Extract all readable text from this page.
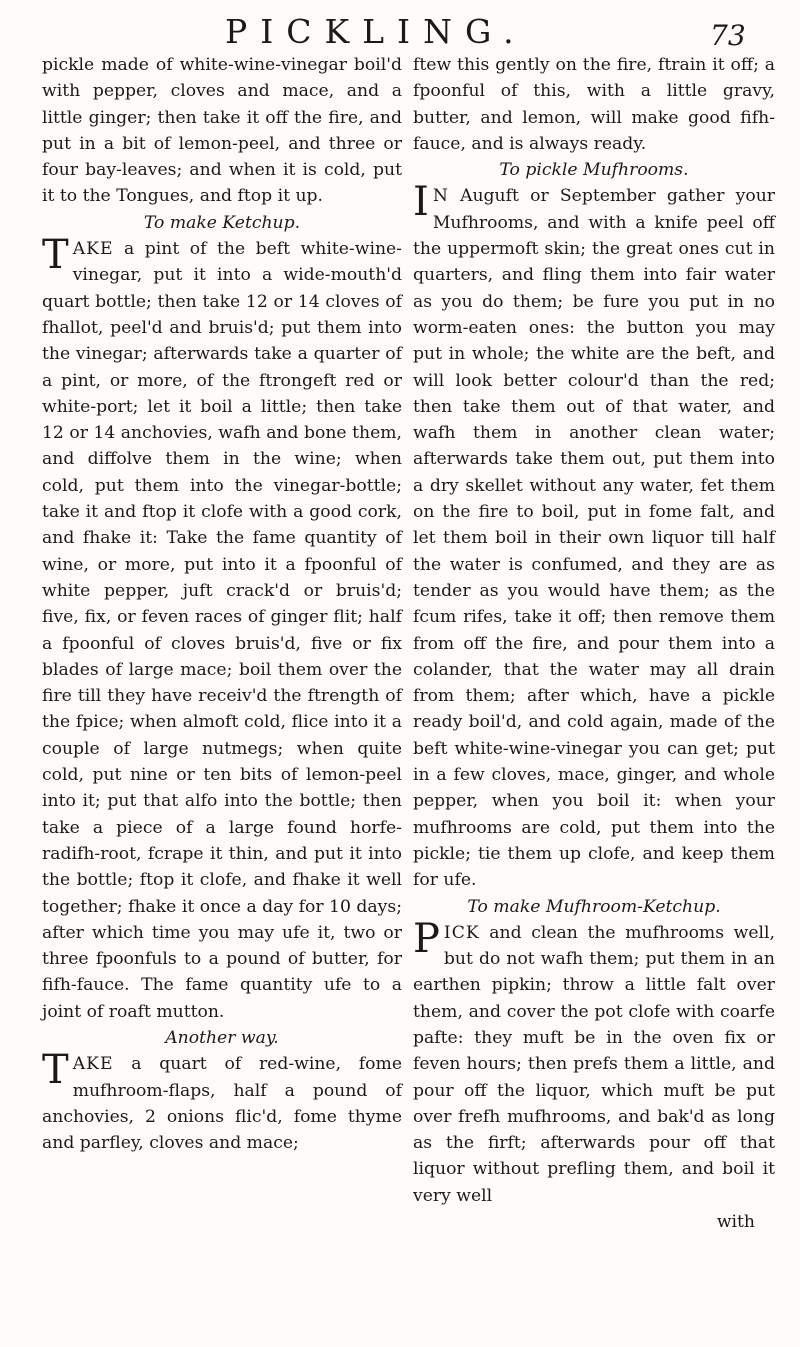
PICKLING.	73

pickle made of white-wine-vinegar boil'd with pepper, cloves and mace, and a little ginger; then take it off the fire, and put in a bit of lemon-peel, and three or four bay-leaves; and when it is cold, put it to the Tongues, and ftop it up.

To make Ketchup.

TAKE a pint of the beft white-wine-vinegar, put it into a wide-mouth'd quart bottle; then take 12 or 14 cloves of fhallot, peel'd and bruis'd; put them into the vinegar; afterwards take a quarter of a pint, or more, of the ftrongeft red or white-port; let it boil a little; then take 12 or 14 anchovies, wafh and bone them, and diffolve them in the wine; when cold, put them into the vinegar-bottle; take it and ftop it clofe with a good cork, and fhake it: Take the fame quantity of wine, or more, put into it a fpoonful of white pepper, juft crack'd or bruis'd; five, fix, or feven races of ginger flit; half a fpoonful of cloves bruis'd, five or fix blades of large mace; boil them over the fire till they have receiv'd the ftrength of the fpice; when almoft cold, flice into it a couple of large nutmegs; when quite cold, put nine or ten bits of lemon-peel into it; put that alfo into the bottle; then take a piece of a large found horfe-radifh-root, fcrape it thin, and put it into the bottle; ftop it clofe, and fhake it well together; fhake it once a day for 10 days; after which time you may ufe it, two or three fpoonfuls to a pound of butter, for fifh-fauce. The fame quantity ufe to a joint of roaft mutton.

Another way.

TAKE a quart of red-wine, fome mufhroom-flaps, half a pound of anchovies, 2 onions flic'd, fome thyme and parfley, cloves and mace;

ftew this gently on the fire, ftrain it off; a fpoonful of this, with a little gravy, butter, and lemon, will make good fifh-fauce, and is always ready.

To pickle Mufhrooms.

I N Auguft or September gather your Mufhrooms, and with a knife peel off the uppermoft skin; the great ones cut in quarters, and fling them into fair water as you do them; be fure you put in no worm-eaten ones: the button you may put in whole; the white are the beft, and will look better colour'd than the red; then take them out of that water, and wafh them in another clean water; afterwards take them out, put them into a dry skellet without any water, fet them on the fire to boil, put in fome falt, and let them boil in their own liquor till half the water is confumed, and they are as tender as you would have them; as the fcum rifes, take it off; then remove them from off the fire, and pour them into a colander, that the water may all drain from them; after which, have a pickle ready boil'd, and cold again, made of the beft white-wine-vinegar you can get; put in a few cloves, mace, ginger, and whole pepper, when you boil it: when your mufhrooms are cold, put them into the pickle; tie them up clofe, and keep them for ufe.

To make Mufhroom-Ketchup.

PICK and clean the mufhrooms well, but do not wafh them; put them in an earthen pipkin; throw a little falt over them, and cover the pot clofe with coarfe pafte: they muft be in the oven fix or feven hours; then prefs them a little, and pour off the liquor, which muft be put over frefh mufhrooms, and bak'd as long as the firft; afterwards pour off that liquor without prefling them, and boil it very well

with
